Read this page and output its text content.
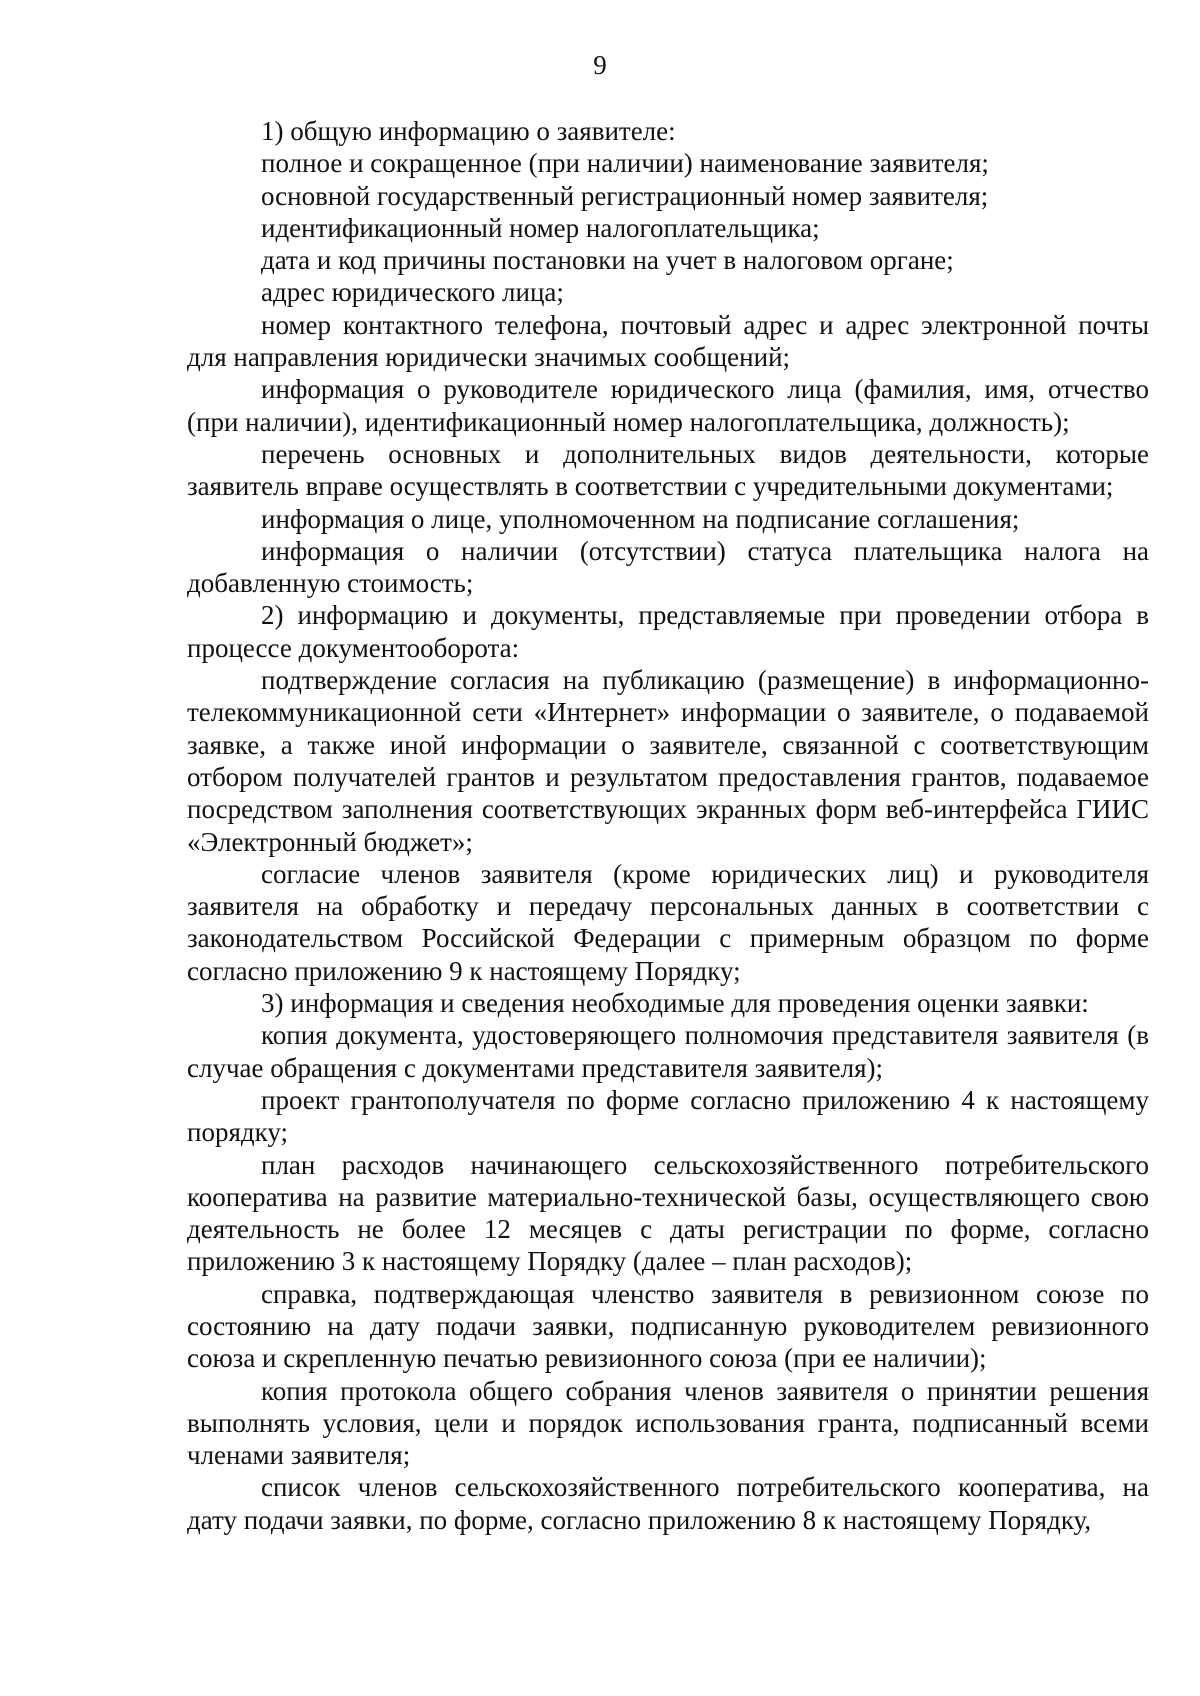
9

1) общую информацию о заявителе:

полное и сокращенное (при наличии) наименование заявителя;

основной государственный регистрационный номер заявителя;

идентификационный номер налогоплательщика;

дата и код причины постановки на учет в налоговом органе;

адрес юридического лица;

номер контактного телефона, почтовый адрес и адрес электронной почты для направления юридически значимых сообщений;

информация о руководителе юридического лица (фамилия, имя, отчество (при наличии), идентификационный номер налогоплательщика, должность);

перечень основных и дополнительных видов деятельности, которые заявитель вправе осуществлять в соответствии с учредительными документами;

информация о лице, уполномоченном на подписание соглашения;

информация о наличии (отсутствии) статуса плательщика налога на добавленную стоимость;

2) информацию и документы, представляемые при проведении отбора в процессе документооборота:

подтверждение согласия на публикацию (размещение) в информационно-телекоммуникационной сети «Интернет» информации о заявителе, о подаваемой заявке, а также иной информации о заявителе, связанной с соответствующим отбором получателей грантов и результатом предоставления грантов, подаваемое посредством заполнения соответствующих экранных форм веб-интерфейса ГИИС «Электронный бюджет»;

согласие членов заявителя (кроме юридических лиц) и руководителя заявителя на обработку и передачу персональных данных в соответствии с законодательством Российской Федерации с примерным образцом по форме согласно приложению 9 к настоящему Порядку;

3) информация и сведения необходимые для проведения оценки заявки:

копия документа, удостоверяющего полномочия представителя заявителя (в случае обращения с документами представителя заявителя);

проект грантополучателя по форме согласно приложению 4 к настоящему порядку;

план расходов начинающего сельскохозяйственного потребительского кооператива на развитие материально-технической базы, осуществляющего свою деятельность не более 12 месяцев с даты регистрации по форме, согласно приложению 3 к настоящему Порядку (далее – план расходов);

справка, подтверждающая членство заявителя в ревизионном союзе по состоянию на дату подачи заявки, подписанную руководителем ревизионного союза и скрепленную печатью ревизионного союза (при ее наличии);

копия протокола общего собрания членов заявителя о принятии решения выполнять условия, цели и порядок использования гранта, подписанный всеми членами заявителя;

список членов сельскохозяйственного потребительского кооператива, на дату подачи заявки, по форме, согласно приложению 8 к настоящему Порядку,
